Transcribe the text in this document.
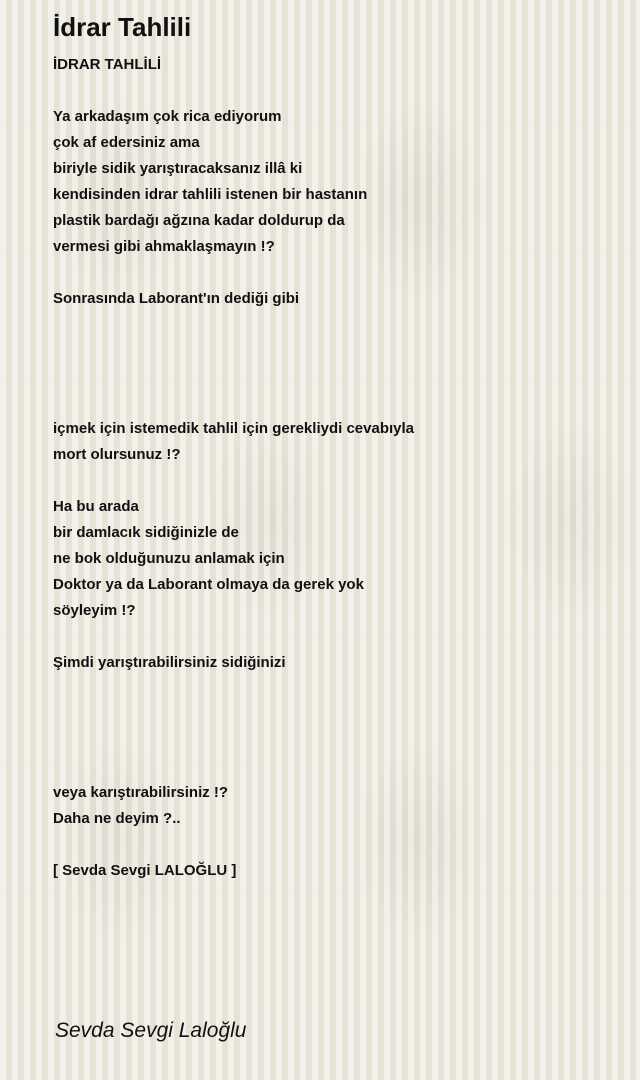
İdrar Tahlili
İDRAR TAHLİLİ
Ya arkadaşım çok rica ediyorum
çok af edersiniz ama
biriyle sidik yarıştıracaksanız illâ ki
kendisinden idrar tahlili istenen bir hastanın
plastik bardağı ağzına kadar doldurup da
vermesi gibi ahmaklaşmayın !?
Sonrasında Laborant'ın dediği gibi
içmek için istemedik tahlil için gerekliydi cevabıyla
mort olursunuz !?
Ha bu arada
bir damlacık sidiğinizle de
ne bok olduğunuzu anlamak için
Doktor ya da Laborant olmaya da gerek yok
söyleyim !?
Şimdi yarıştırabilirsiniz sidiğinizi
veya karıştırabilirsiniz !?
Daha ne deyim ?..
[ Sevda Sevgi LALOĞLU ]
Sevda Sevgi Laloğlu
